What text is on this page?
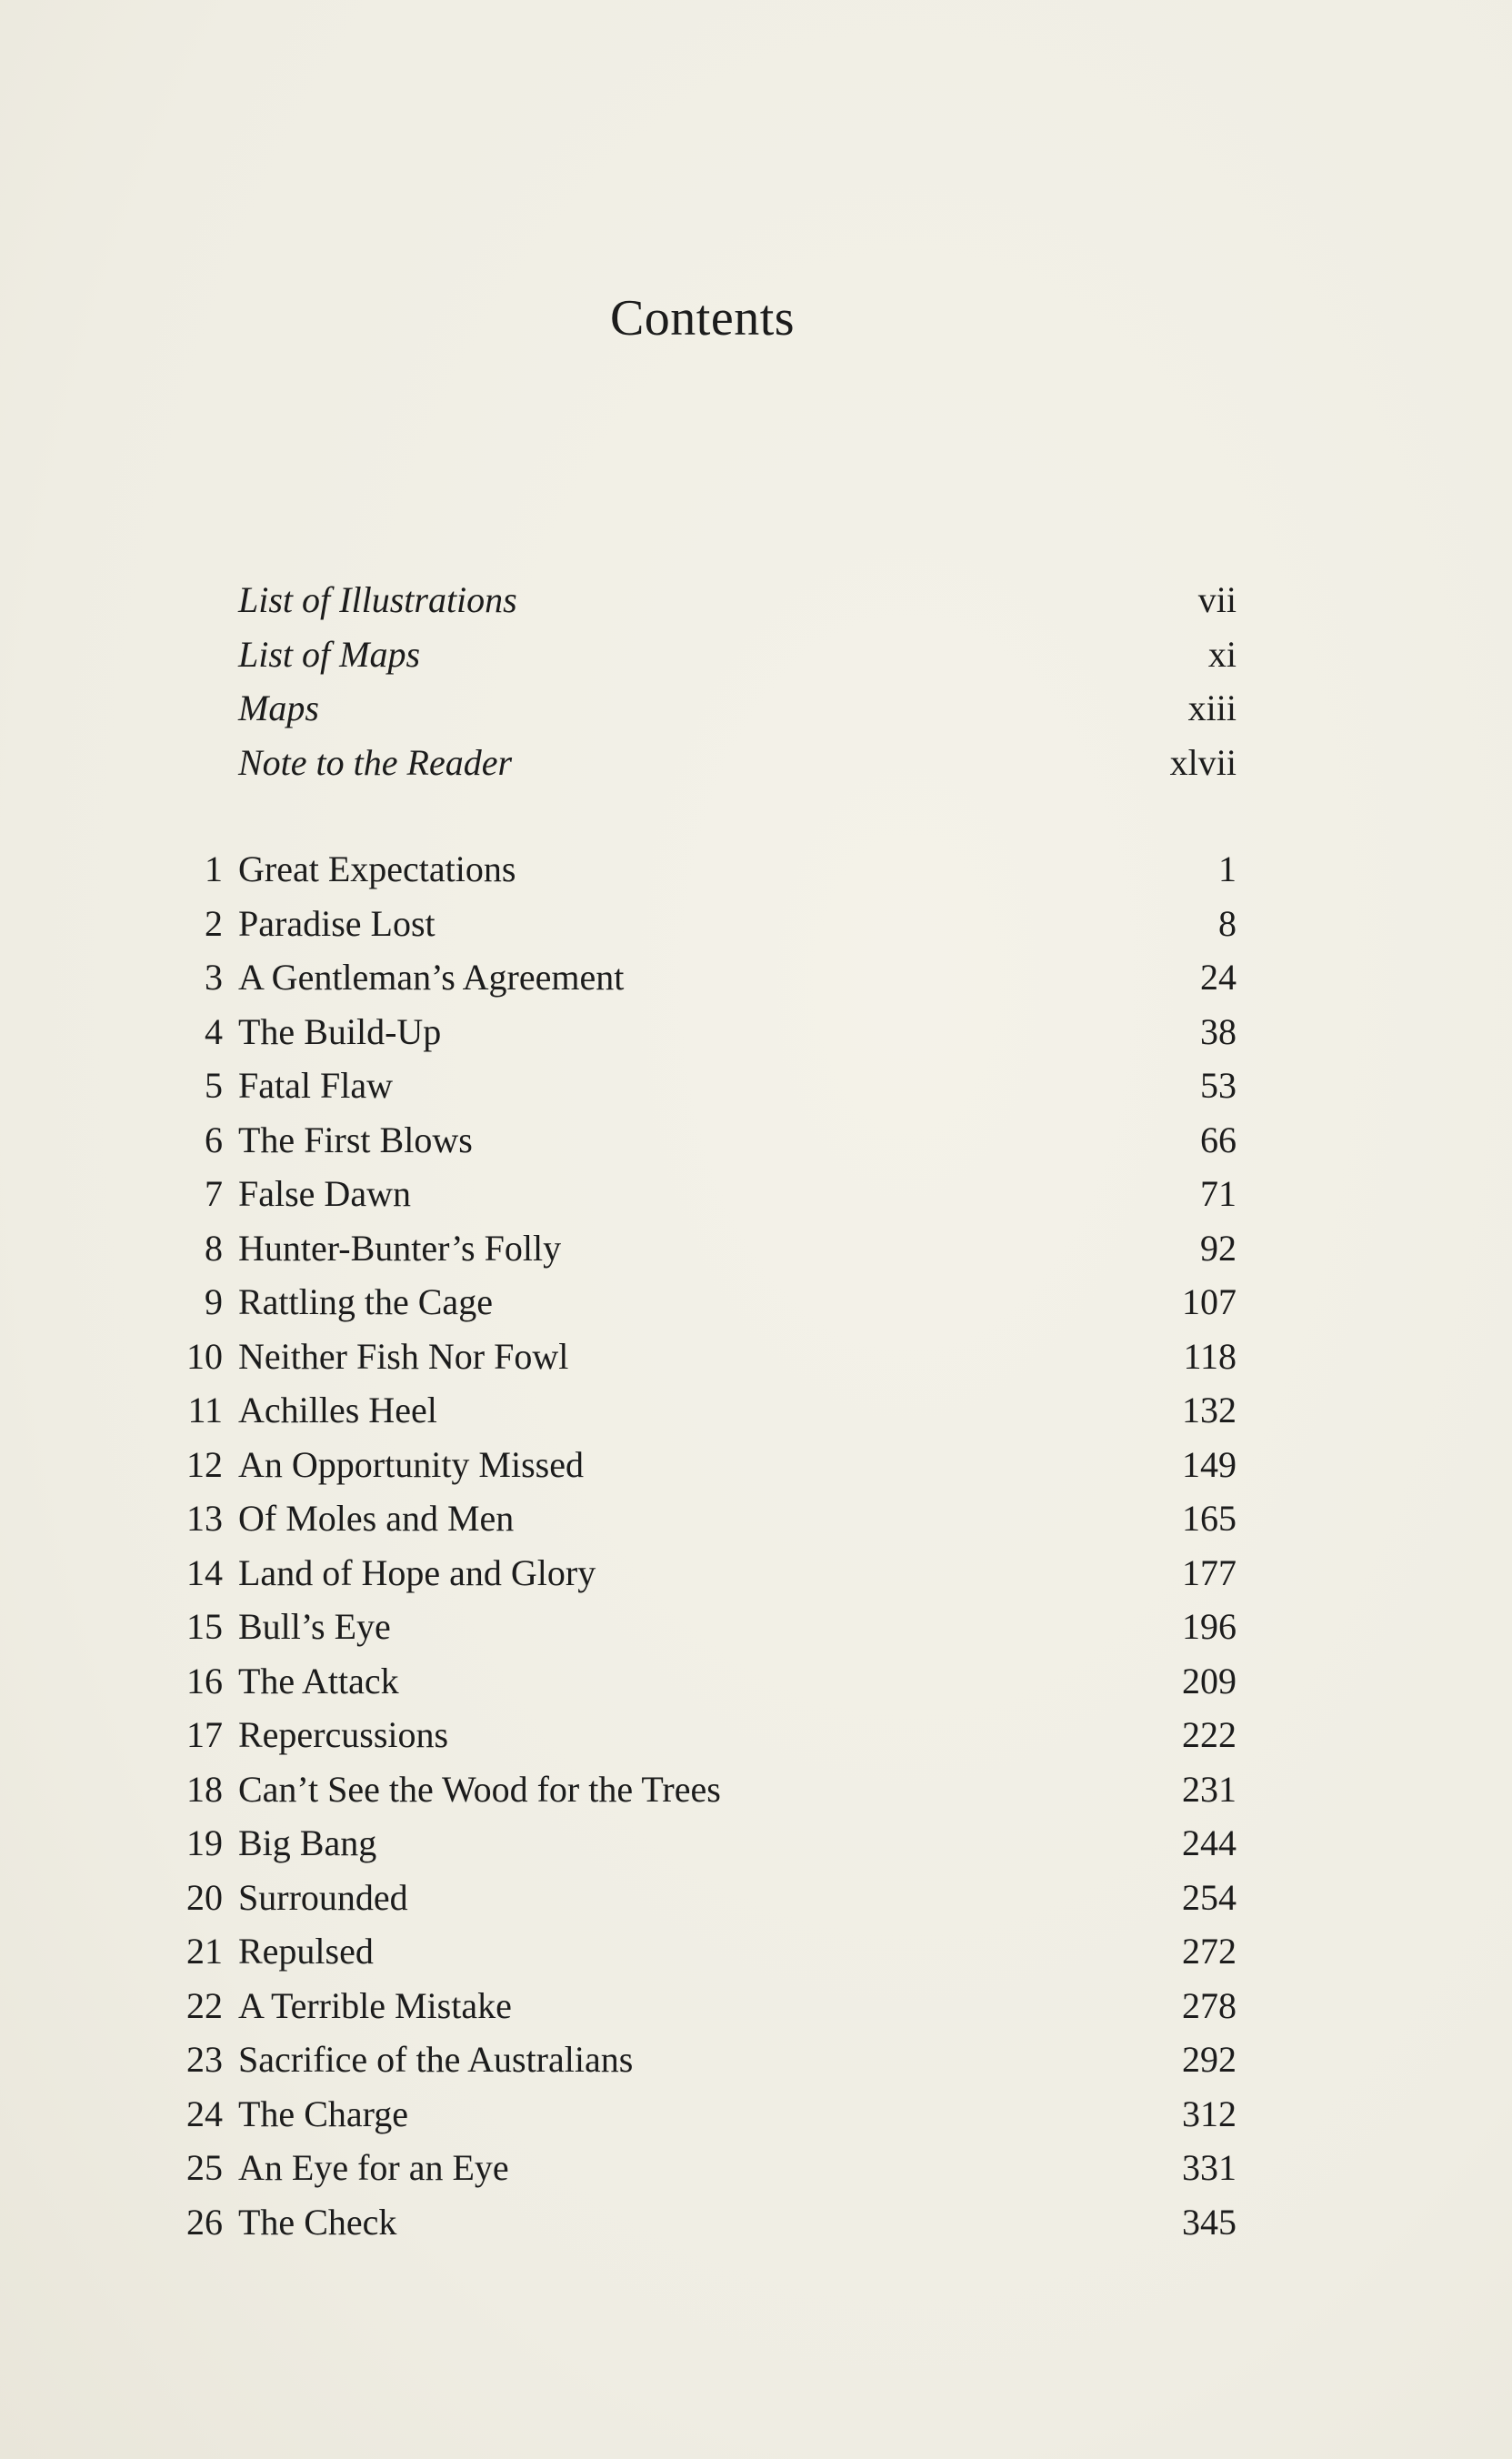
Contents
List of Illustrations	vii
List of Maps	xi
Maps	xiii
Note to the Reader	xlvii
1 Great Expectations	1
2 Paradise Lost	8
3 A Gentleman’s Agreement	24
4 The Build-Up	38
5 Fatal Flaw	53
6 The First Blows	66
7 False Dawn	71
8 Hunter-Bunter’s Folly	92
9 Rattling the Cage	107
10 Neither Fish Nor Fowl	118
11 Achilles Heel	132
12 An Opportunity Missed	149
13 Of Moles and Men	165
14 Land of Hope and Glory	177
15 Bull’s Eye	196
16 The Attack	209
17 Repercussions	222
18 Can’t See the Wood for the Trees	231
19 Big Bang	244
20 Surrounded	254
21 Repulsed	272
22 A Terrible Mistake	278
23 Sacrifice of the Australians	292
24 The Charge	312
25 An Eye for an Eye	331
26 The Check	345
